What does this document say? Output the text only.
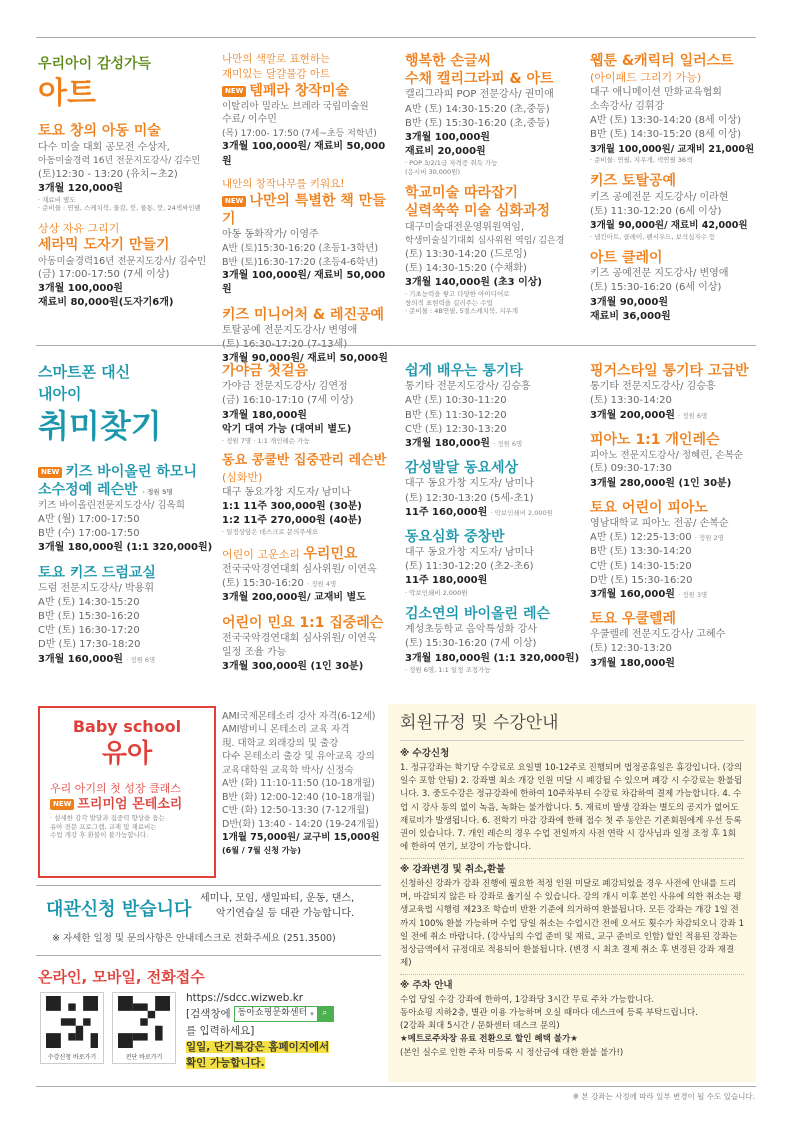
우리아이 감성가득
아트
토요 창의 아동 미술
다수 미술 대회 공모전 수상자,
아동미술경력 16년 전문지도강사/ 김수민
(토)12:30 - 13:20 (유치~초2)
3개월 120,000원
· 재료비 별도
· 준비물 : 연필, 스케치북, 물감, 붓, 물통, 붓, 24색싸인펜
상상 자유 그리기
세라믹 도자기 만들기
아동미술경력16년 전문지도강사/ 김수민
(금) 17:00-17:50 (7세 이상)
3개월 100,000원
재료비 80,000원(도자기6개)
나만의 색깔로 표현하는
재미있는 달걀물감 아트
NEW 템페라 창작미술
이탈리아 밀라노 브레라 국립미술원
수료/ 이수민
(목) 17:00- 17:50 (7세~초등 저학년)
3개월 100,000원/ 재료비 50,000원
내안의 창작나무를 키워요!
NEW 나만의 특별한 책 만들기
아동 동화작가/ 이영주
A반 (토)15:30-16:20 (초등1-3학년)
B반 (토)16:30-17:20 (초등4-6학년)
3개월 100,000원/ 재료비 50,000원
키즈 미니어처 & 레진공예
토탈공예 전문지도강사/ 변영애
3개월 90,000원/ 재료비 50,000원
행복한 손글씨
수채 캘리그라피 & 아트
캘리그라피 POP 전문강사/ 권미애
A반 (토) 14:30-15:20 (초,중등)
B반 (토) 15:30-16:20 (초,중등)
3개월 100,000원
재료비 20,000원
· POP 3/2/1급 자격증 취득 가능
(응시비 30,000원)
학교미술 따라잡기
실력쑥쑥 미술 심화과정
대구미술대전운영위원역임,
학생미술실기대회 심사위원 역임/ 김은경
(토) 13:30-14:20 (드로잉)
(토) 14:30-15:20 (수채화)
3개월 140,000원 (초3 이상)
· 기초능력을 쌓고 다양한 아이디어로
창의적 표현력을 길러주는 수업
· 준비물 : 4B연필, 5절스케치북, 지우개
웹툰 &캐릭터 일러스트
(아이패드 그리기 가능)
대구 애니메이션 만화교육협회
소속강사/ 김휘강
A반 (토) 13:30-14:20 (8세 이상)
B반 (토) 14:30-15:20 (8세 이상)
3개월 100,000원/ 교재비 21,000원
· 준비물: 연필, 지우개, 색연필 36색
키즈 토탈공예
키즈 공예전문 지도강사/ 이라현
(토) 11:30-12:20 (6세 이상)
3개월 90,000원/ 재료비 42,000원
· 냅킨아트, 클레이, 펜시우드, 보석십자수 등
아트 클레이
키즈 공예전문 지도강사/ 변영애
(토) 15:30-16:20 (6세 이상)
3개월 90,000원
재료비 36,000원
스마트폰 대신
내아이
취미찾기
NEW 키즈 바이올린 하모니
소수정예 레슨반 · 정원 5명
키즈 바이올린전문지도강사/ 김옥희
A반 (월) 17:00-17:50
B반 (수) 17:00-17:50
3개월 180,000원 (1:1 320,000원)
토요 키즈 드럼교실
드럼 전문지도강사/ 박용휘
A반 (토) 14:30-15:20
B반 (토) 15:30-16:20
C반 (토) 16:30-17:20
D반 (토) 17:30-18:20
3개월 160,000원 · 정원 6명
가야금 첫걸음
가야금 전문지도강사/ 김연정
(금) 16:10-17:10 (7세 이상)
3개월 180,000원
악기 대여 가능 (대여비 별도)
· 정원 7명 · 1:1 개인레슨 가능
동요 콩쿨반 집중관리 레슨반
(심화반)
대구 동요가창 지도자/ 남미나
1:1 11주 300,000원 (30분)
1:2 11주 270,000원 (40분)
· 일정상담은 데스크로 문의주세요
어린이 고운소리 우리민요
전국국악경연대회 심사위원/ 이연옥
(토) 15:30-16:20 · 정원 4명
3개월 200,000원/ 교재비 별도
어린이 민요 1:1 집중레슨
전국국악경연대회 심사위원/ 이연옥
일정 조율 가능
3개월 300,000원 (1인 30분)
쉽게 배우는 통기타
통기타 전문지도강사/ 김승흥
A반 (토) 10:30-11:20
B반 (토) 11:30-12:20
C반 (토) 12:30-13:20
3개월 180,000원 · 정원 6명
감성발달 동요세상
대구 동요가창 지도자/ 남미나
(토) 12:30-13:20 (5세-초1)
11주 160,000원 · 악보인쇄비 2,000원
동요심화 중창반
대구 동요가창 지도자/ 남미나
(토) 11:30-12:20 (초2-초6)
11주 180,000원
· 악보인쇄비 2,000원
김소연의 바이올린 레슨
계성초등학교 음악특성화 강사
(토) 15:30-16:20 (7세 이상)
3개월 180,000원 (1:1 320,000원)
· 정원 6명, 1:1 일정 조정가능
핑거스타일 통기타 고급반
통기타 전문지도강사/ 김승흥
(토) 13:30-14:20
3개월 200,000원 · 정원 6명
피아노 1:1 개인레슨
피아노 전문지도강사/ 정혜린, 손복순
(토) 09:30-17:30
3개월 280,000원 (1인 30분)
토요 어린이 피아노
영남대학교 피아노 전공/ 손복순
A반 (토) 12:25-13:00 · 정원 2명
B반 (토) 13:30-14:20
C반 (토) 14:30-15:20
D반 (토) 15:30-16:20
3개월 160,000원 · 정원 3명
토요 우쿨렐레
우쿨렐레 전문지도강사/ 고혜수
(토) 12:30-13:20
3개월 180,000원
Baby school
유아
우리 아기의 첫 성장 클래스
NEW 프리미엄 몬테소리
· 섬세한 감각 발달과 집중력 향상을 돕는
유아 전문 프로그램, 교재 및 재료비는
수업 개강 후 환불이 불가능합니다.
AMI국제몬테소리 강사 자격(6-12세)
AMI밤비니 몬테소리 교육 자격
現. 대학교 외래강의 및 출강
다수 몬테소리 출강 및 유아교육 강의
교육대학원 교육학 박사/ 신정숙
A반 (화) 11:10-11:50 (10-18개월)
B반 (화) 12:00-12:40 (10-18개월)
C반 (화) 12:50-13:30 (7-12개월)
D반(화) 13:40 - 14:20 (19-24개월)
1개월 75,000원/ 교구비 15,000원
(6월 / 7월 신청 가능)
대관신청 받습니다
세미나, 모임, 생일파티, 운동, 댄스,
악기연습실 등 대관 가능합니다.
※ 자세한 일정 및 문의사항은 안내데스크로 전화주세요 (251.3500)
온라인, 모바일, 전화접수
수강신청 바로가기	전단 바로가기
https://sdcc.wizweb.kr
[검색창에 동아쇼핑문화센터 ▾ ⌕
를 입력하세요]
일일, 단기특강은 홈페이지에서
확인 가능합니다.
회원규정 및 수강안내
※ 수강신청
1. 정규강좌는 학기당 수강료로 요일별 10-12주로 진행되며 법정공휴일은 휴강입니다. (강의 일수 포함 안됨) 2. 강좌별 최소 개강 인원 미달 시 폐강될 수 있으며 폐강 시 수강료는 환불됩니다. 3. 중도수강은 정규강좌에 한하여 10주차부터 수강료 차감하여 결제 가능합니다. 4. 수업 시 강사 동의 없이 녹음, 녹화는 불가합니다. 5. 재료비 발생 강좌는 별도의 공지가 없어도 재료비가 발생됩니다. 6. 전학기 마감 강좌에 한해 접수 첫 주 동안은 기존회원에게 우선 등록권이 있습니다. 7. 개인 레슨의 경우 수업 전일까지 사전 연락 시 강사님과 일정 조정 후 1회에 한하여 연기, 보강이 가능합니다.
※ 강좌변경 및 취소,환불
신청하신 강좌가 강좌 진행에 필요한 적정 인원 미달로 폐강되었을 경우 사전에 안내를 드리며, 마감되지 않은 타 강좌로 옮기실 수 있습니다. 강의 개시 이후 본인 사유에 의한 취소는 평생교육법 시행령 제23조 학습비 반환 기준에 의거하여 환불됩니다. 모든 강좌는 개강 1일 전까지 100% 환불 가능하며 수업 당일 취소는 수업시간 전에 오셔도 횟수가 차감되오니 강좌 1일 전에 취소 바랍니다. (강사님의 수업 준비 및 재료, 교구 준비로 인함) 할인 적용된 강좌는 정상금액에서 규정대로 적용되어 환불됩니다. (변경 시 최초 결제 취소 후 변경된 강좌 재결제)
※ 주차 안내
수업 당일 수강 강좌에 한하여, 1강좌당 3시간 무료 주차 가능합니다.
동아쇼핑 지하2층, 별관 이용 가능하며 오실 때마다 데스크에 등록 부탁드립니다.
(2강좌 최대 5시간 / 문화센터 데스크 문의)
★메트로주차장 유료 전환으로 할인 혜택 불가★
(본인 실수로 인한 주차 미등록 시 정산금에 대한 환불 불가!)
※ 본 강좌는 사정에 따라 일부 변경이 될 수도 있습니다.
